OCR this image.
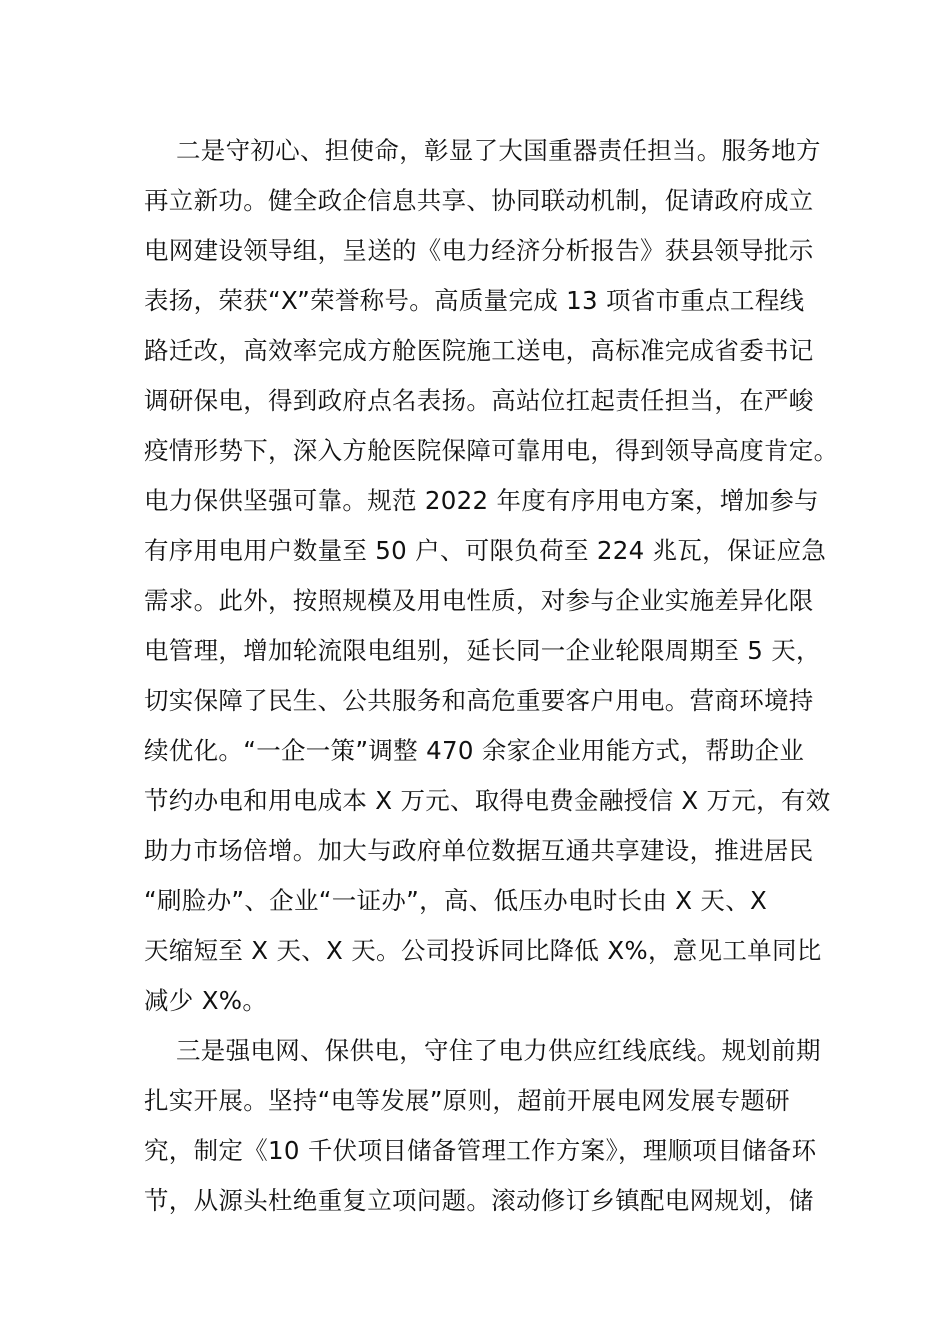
二是守初心、担使命，彰显了大国重器责任担当。服务地方
再立新功。健全政企信息共享、协同联动机制，促请政府成立
电网建设领导组，呈送的《电力经济分析报告》获县领导批示
表扬，荣获“X”荣誉称号。高质量完成 13 项省市重点工程线
路迁改，高效率完成方舱医院施工送电，高标准完成省委书记
调研保电，得到政府点名表扬。高站位扛起责任担当，在严峻
疫情形势下，深入方舱医院保障可靠用电，得到领导高度肯定。
电力保供坚强可靠。规范 2022 年度有序用电方案，增加参与
有序用电用户数量至 50 户、可限负荷至 224 兆瓦，保证应急
需求。此外，按照规模及用电性质，对参与企业实施差异化限
电管理，增加轮流限电组别，延长同一企业轮限周期至 5 天，
切实保障了民生、公共服务和高危重要客户用电。营商环境持
续优化。“一企一策”调整 470 余家企业用能方式，帮助企业
节约办电和用电成本 X 万元、取得电费金融授信 X 万元，有效
助力市场倍增。加大与政府单位数据互通共享建设，推进居民
“刷脸办”、企业“一证办”，高、低压办电时长由 X 天、X
天缩短至 X 天、X 天。公司投诉同比降低 X%，意见工单同比
减少 X%。
三是强电网、保供电，守住了电力供应红线底线。规划前期
扎实开展。坚持“电等发展”原则，超前开展电网发展专题研
究，制定《10 千伏项目储备管理工作方案》，理顺项目储备环
节，从源头杜绝重复立项问题。滚动修订乡镇配电网规划，储
